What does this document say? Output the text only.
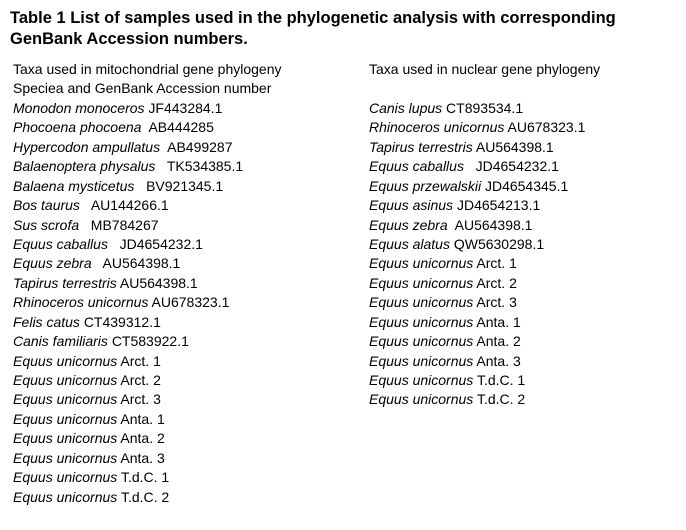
Table 1 List of samples used in the phylogenetic analysis with corresponding GenBank Accession numbers.
Taxa used in mitochondrial gene phylogeny
Speciea and GenBank Accession number
Monodon monoceros JF443284.1
Phocoena phocoena  AB444285
Hypercodon ampullatus  AB499287
Balaenoptera physalus   TK534385.1
Balaena mysticetus   BV921345.1
Bos taurus   AU144266.1
Sus scrofa   MB784267
Equus caballus   JD4654232.1
Equus zebra   AU564398.1
Tapirus terrestris AU564398.1
Rhinoceros unicornus AU678323.1
Felis catus CT439312.1
Canis familiaris CT583922.1
Equus unicornus Arct. 1
Equus unicornus Arct. 2
Equus unicornus Arct. 3
Equus unicornus Anta. 1
Equus unicornus Anta. 2
Equus unicornus Anta. 3
Equus unicornus T.d.C. 1
Equus unicornus T.d.C. 2
Taxa used in nuclear gene phylogeny
Canis lupus CT893534.1
Rhinoceros unicornus AU678323.1
Tapirus terrestris AU564398.1
Equus caballus   JD4654232.1
Equus przewalskii JD4654345.1
Equus asinus JD4654213.1
Equus zebra  AU564398.1
Equus alatus QW5630298.1
Equus unicornus Arct. 1
Equus unicornus Arct. 2
Equus unicornus Arct. 3
Equus unicornus Anta. 1
Equus unicornus Anta. 2
Equus unicornus Anta. 3
Equus unicornus T.d.C. 1
Equus unicornus T.d.C. 2
